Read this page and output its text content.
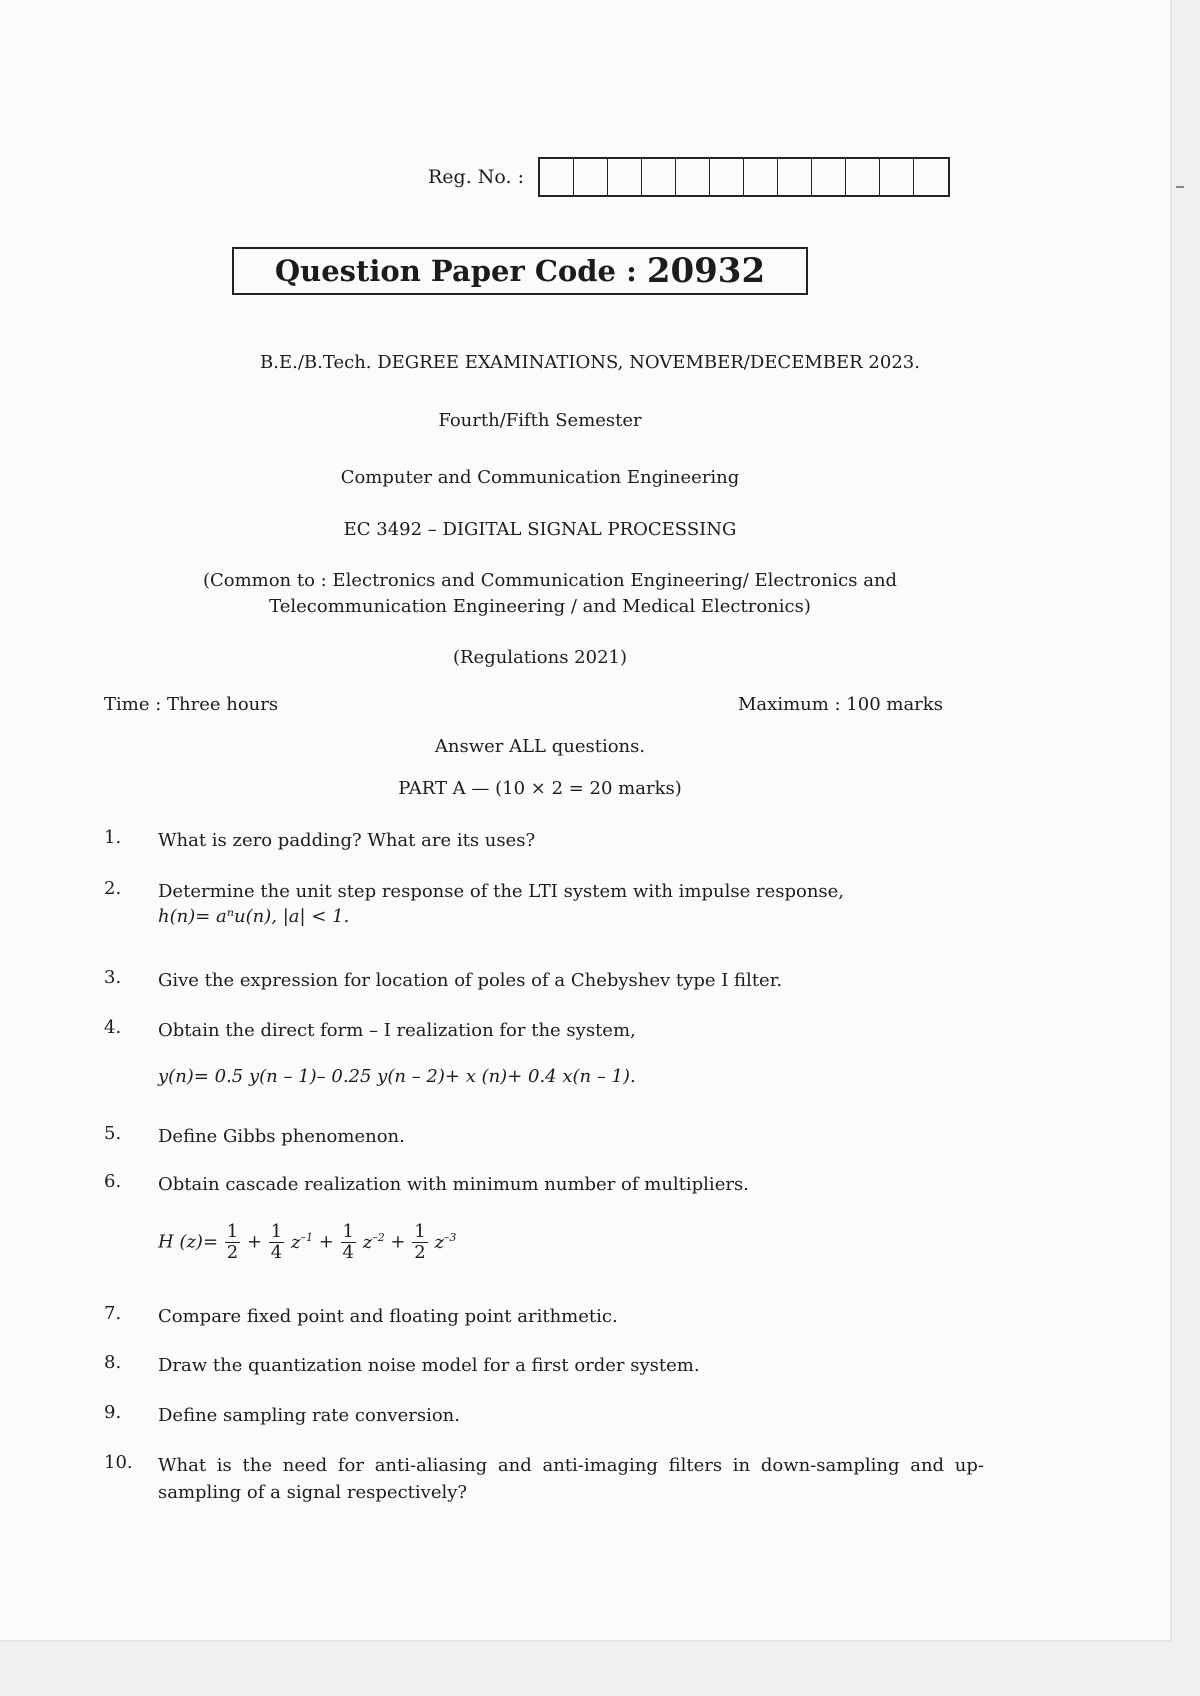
Reg. No. :
Question Paper Code : 20932
B.E./B.Tech. DEGREE EXAMINATIONS, NOVEMBER/DECEMBER 2023.
Fourth/Fifth Semester
Computer and Communication Engineering
EC 3492 – DIGITAL SIGNAL PROCESSING
(Common to : Electronics and Communication Engineering/ Electronics and
Telecommunication Engineering / and Medical Electronics)
(Regulations 2021)
Time : Three hours	Maximum : 100 marks
Answer ALL questions.
PART A — (10 × 2 = 20 marks)
1.	What is zero padding? What are its uses?
2.	Determine the unit step response of the LTI system with impulse response,
h(n)= aⁿu(n), |a| < 1.
3.	Give the expression for location of poles of a Chebyshev type I filter.
4.	Obtain the direct form – I realization for the system,
y(n)= 0.5 y(n – 1)– 0.25 y(n – 2)+ x (n)+ 0.4 x(n – 1).
5.	Define Gibbs phenomenon.
6.	Obtain cascade realization with minimum number of multipliers.
H $(z)= \frac{1}{2} + \frac{1}{4} z^{-1} + \frac{1}{4} z^{-2} + \frac{1}{2} z^{-3}$
7.	Compare fixed point and floating point arithmetic.
8.	Draw the quantization noise model for a first order system.
9.	Define sampling rate conversion.
10.	What is the need for anti-aliasing and anti-imaging filters in down-sampling and up-sampling of a signal respectively?
